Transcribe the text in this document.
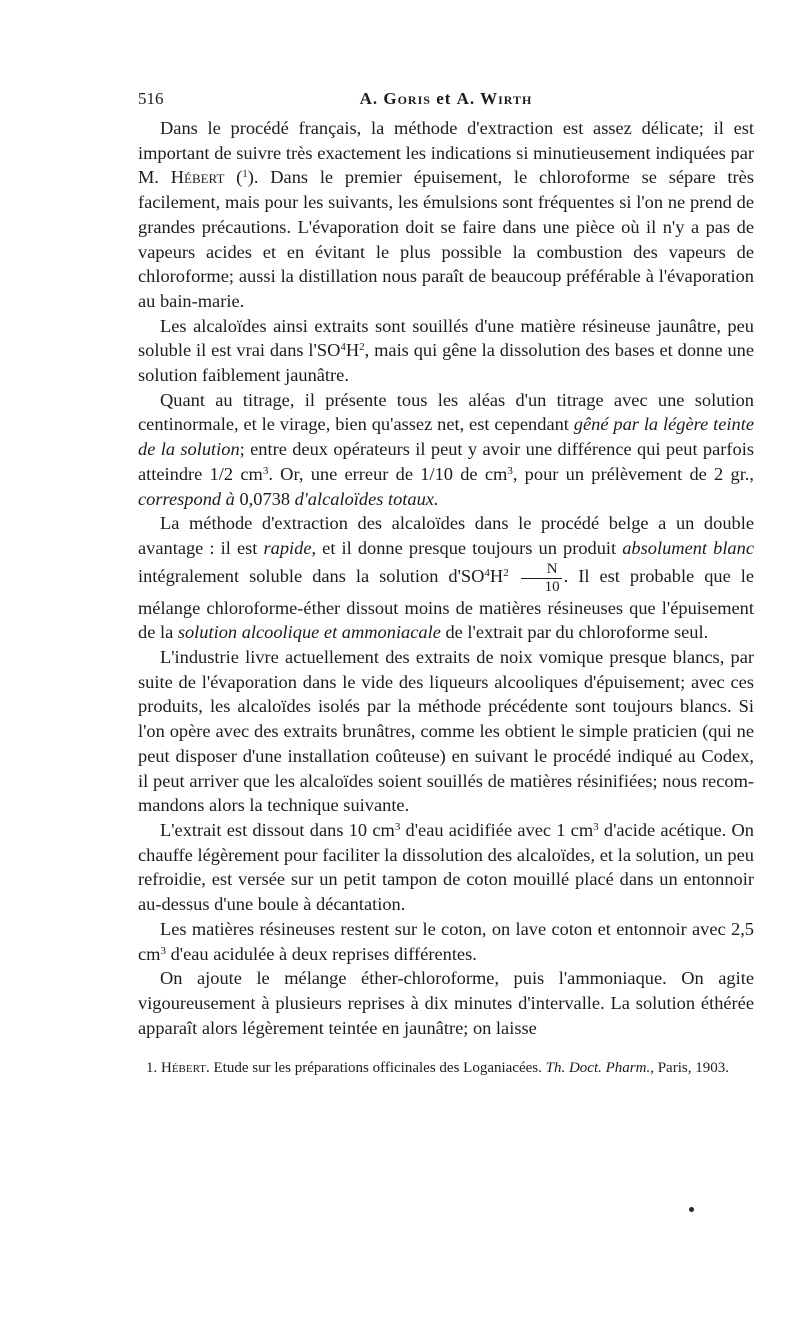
516	A. Goris et A. Wirth

Dans le procédé français, la méthode d'extraction est assez délicate; il est important de suivre très exactement les indications si minutieusement indiquées par M. Hébert ($^1$). Dans le premier épuisement, le chloroforme se sépare très facilement, mais pour les suivants, les émulsions sont fréquentes si l'on ne prend de grandes précautions. L'évaporation doit se faire dans une pièce où il n'y a pas de vapeurs acides et en évitant le plus possible la combustion des vapeurs de chloroforme; aussi la distillation nous paraît de beaucoup préférable à l'évaporation au bain-marie.

Les alcaloïdes ainsi extraits sont souillés d'une matière résineuse jaunâtre, peu soluble il est vrai dans $l'SO^4H^2$, mais qui gêne la dissolution des bases et donne une solution faiblement jaunâtre.

Quant au titrage, il présente tous les aléas d'un titrage avec une solution centinormale, et le virage, bien qu'assez net, est cependant gêné par la légère teinte de la solution; entre deux opérateurs il peut y avoir une différence qui peut parfois atteindre 1/2 $cm^3$. Or, une erreur de 1/10 de $cm^3$, pour un prélèvement de 2 gr., correspond à 0,0738 d'alcaloïdes totaux.

La méthode d'extraction des alcaloïdes dans le procédé belge a un double avantage : il est rapide, et il donne presque toujours un produit absolument blanc intégralement soluble dans la solution $d'SO^4H^2 \frac{N}{10}$ . Il est probable que le mélange chloroforme-éther dissout moins de matières résineuses que l'épuisement de la solution alcoolique et ammoniacale de l'extrait par du chloroforme seul.

L'industrie livre actuellement des extraits de noix vomique presque blancs, par suite de l'évaporation dans le vide des liqueurs alcooliques d'épuisement; avec ces produits, les alcaloïdes isolés par la méthode précédente sont toujours blancs. Si l'on opère avec des extraits brunâtres, comme les obtient le simple praticien (qui ne peut disposer d'une installation coûteuse) en suivant le procédé indiqué au Codex, il peut arriver que les alcaloïdes soient souillés de matières résinifiées; nous recommandons alors la technique suivante.

L'extrait est dissout dans 10 $cm^3$ d'eau acidifiée avec 1 $cm^3$ d'acide acétique. On chauffe légèrement pour faciliter la dissolution des alcaloïdes, et la solution, un peu refroidie, est versée sur un petit tampon de coton mouillé placé dans un entonnoir au-dessus d'une boule à décantation.

Les matières résineuses restent sur le coton, on lave coton et entonnoir avec 2,5 $cm^3$ d'eau acidulée à deux reprises différentes.

On ajoute le mélange éther-chloroforme, puis l'ammoniaque. On agite vigoureusement à plusieurs reprises à dix minutes d'intervalle. La solution éthérée apparaît alors légèrement teintée en jaunâtre; on laisse

1. Hébert. Etude sur les préparations officinales des Loganiacées. Th. Doct. Pharm., Paris, 1903.
